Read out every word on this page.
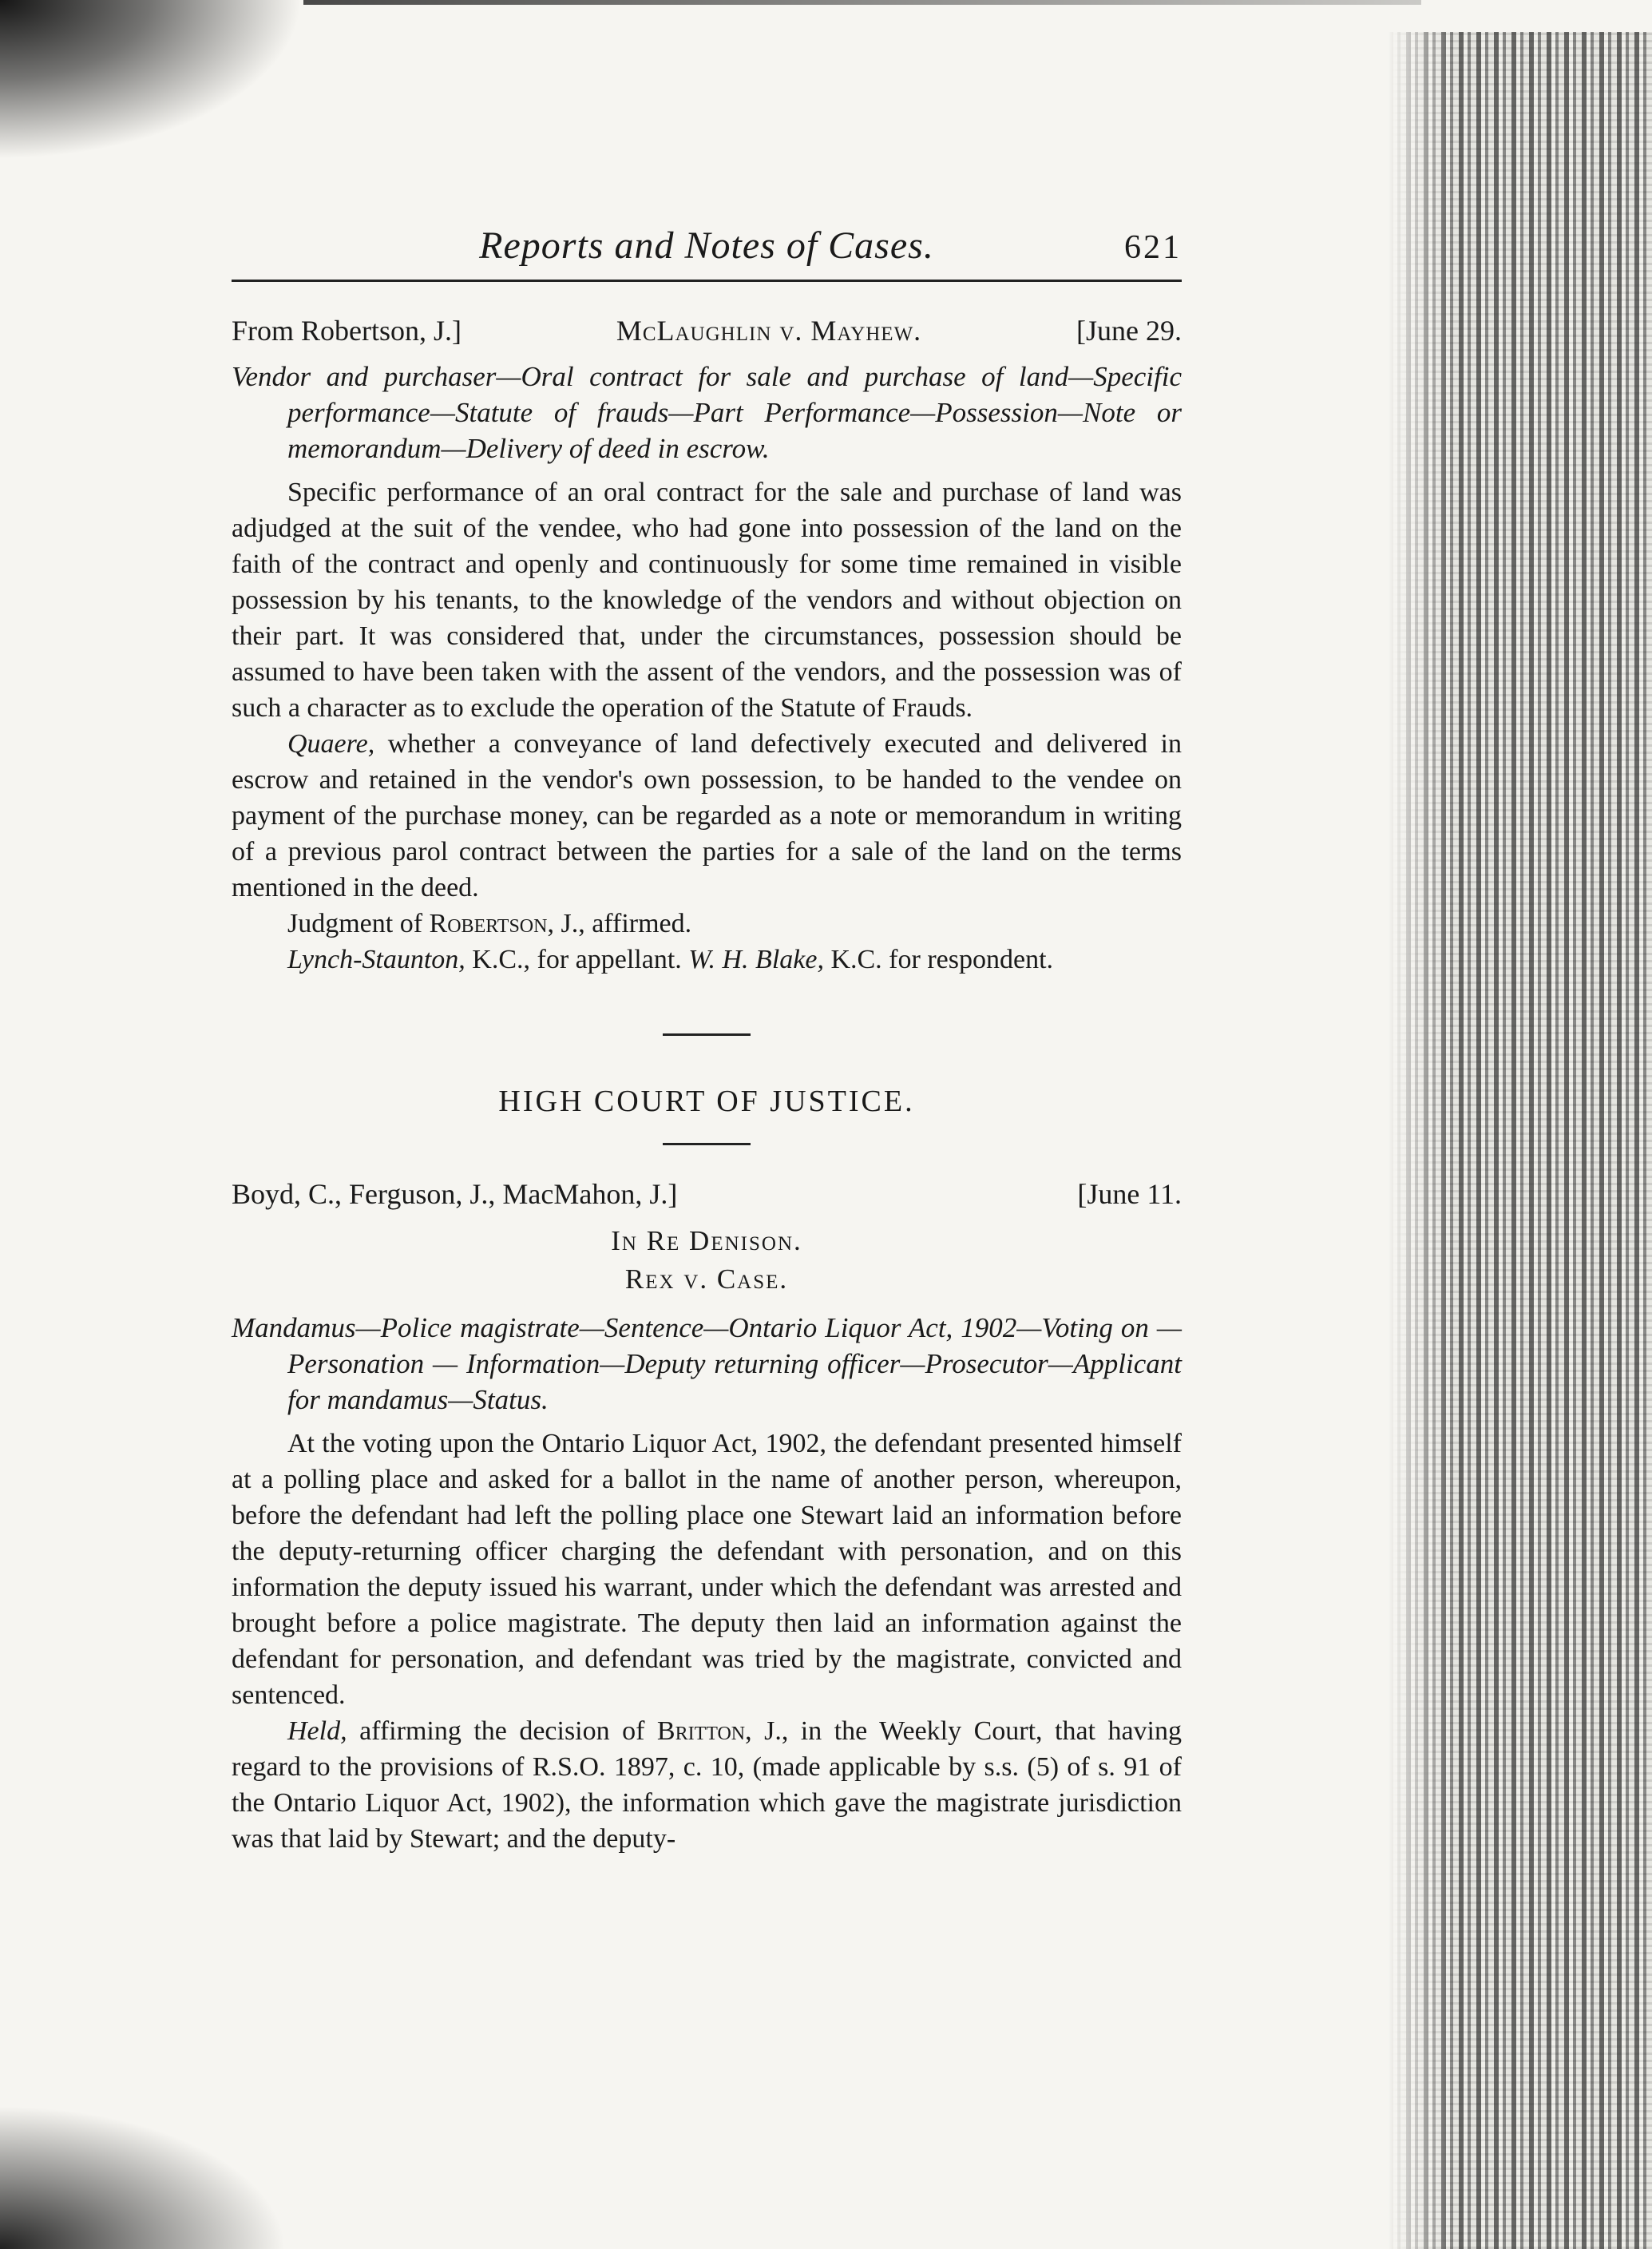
Reports and Notes of Cases.	621
From Robertson, J.]	McLaughlin v. Mayhew.	[June 29.

Vendor and purchaser—Oral contract for sale and purchase of land—Specific performance—Statute of frauds—Part Performance—Possession—Note or memorandum—Delivery of deed in escrow.

Specific performance of an oral contract for the sale and purchase of land was adjudged at the suit of the vendee, who had gone into possession of the land on the faith of the contract and openly and continuously for some time remained in visible possession by his tenants, to the knowledge of the vendors and without objection on their part. It was considered that, under the circumstances, possession should be assumed to have been taken with the assent of the vendors, and the possession was of such a character as to exclude the operation of the Statute of Frauds.

Quaere, whether a conveyance of land defectively executed and delivered in escrow and retained in the vendor's own possession, to be handed to the vendee on payment of the purchase money, can be regarded as a note or memorandum in writing of a previous parol contract between the parties for a sale of the land on the terms mentioned in the deed.

Judgment of Robertson, J., affirmed.

Lynch-Staunton, K.C., for appellant. W. H. Blake, K.C. for respondent.

HIGH COURT OF JUSTICE.
Boyd, C., Ferguson, J., MacMahon, J.]	[June 11.
In Re Denison.
Rex v. Case.

Mandamus—Police magistrate—Sentence—Ontario Liquor Act, 1902—Voting on — Personation — Information—Deputy returning officer—Prosecutor—Applicant for mandamus—Status.

At the voting upon the Ontario Liquor Act, 1902, the defendant presented himself at a polling place and asked for a ballot in the name of another person, whereupon, before the defendant had left the polling place one Stewart laid an information before the deputy-returning officer charging the defendant with personation, and on this information the deputy issued his warrant, under which the defendant was arrested and brought before a police magistrate. The deputy then laid an information against the defendant for personation, and defendant was tried by the magistrate, convicted and sentenced.

Held, affirming the decision of Britton, J., in the Weekly Court, that having regard to the provisions of R.S.O. 1897, c. 10, (made applicable by s.s. (5) of s. 91 of the Ontario Liquor Act, 1902), the information which gave the magistrate jurisdiction was that laid by Stewart; and the deputy-
